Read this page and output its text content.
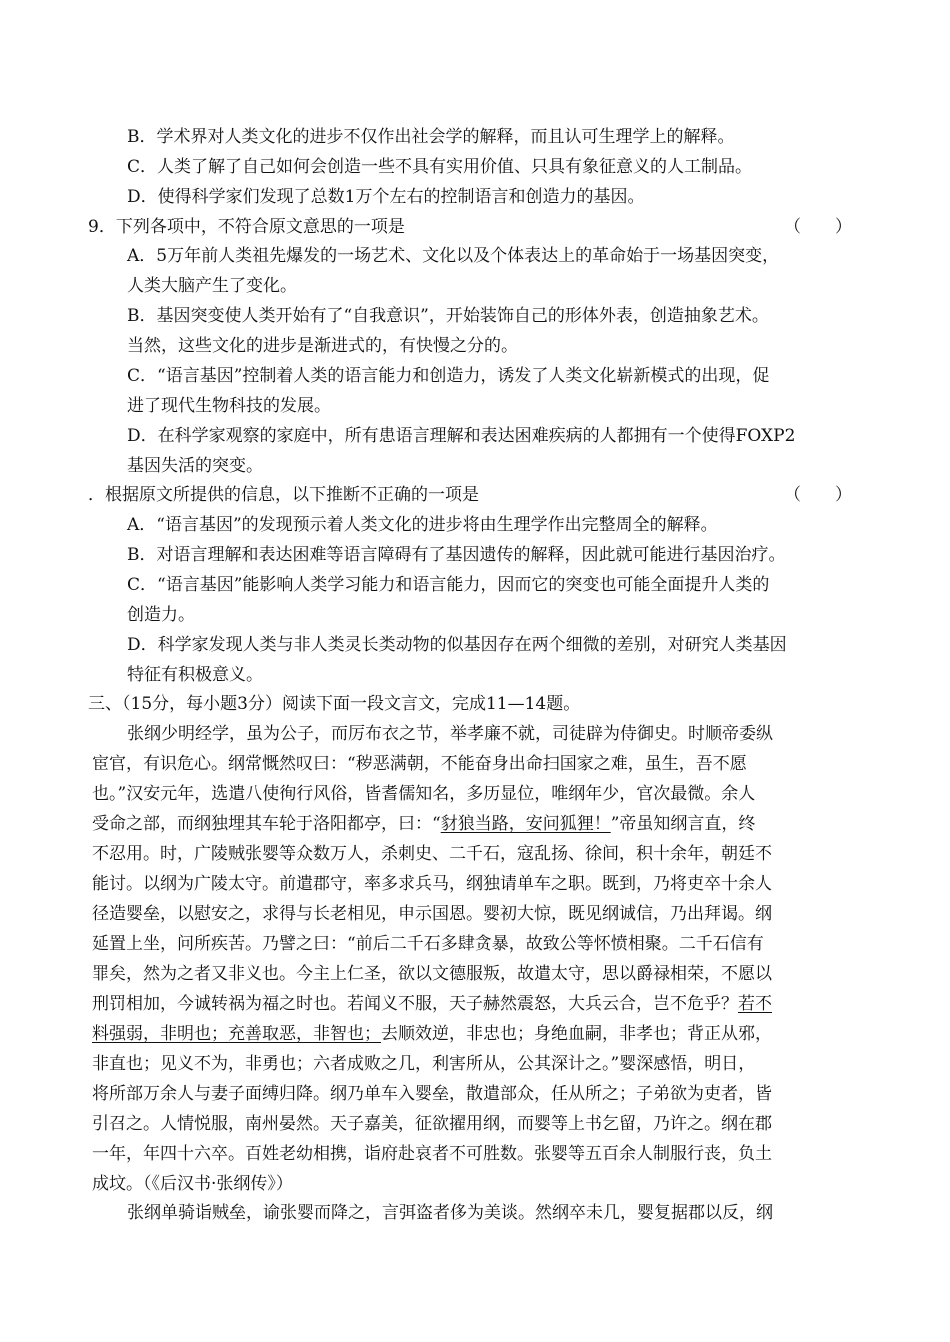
B．学术界对人类文化的进步不仅作出社会学的解释，而且认可生理学上的解释。
C．人类了解了自己如何会创造一些不具有实用价值、只具有象征意义的人工制品。
D．使得科学家们发现了总数1万个左右的控制语言和创造力的基因。
9．下列各项中，不符合原文意思的一项是	（　　）
A．5万年前人类祖先爆发的一场艺术、文化以及个体表达上的革命始于一场基因突变，
人类大脑产生了变化。
B．基因突变使人类开始有了“自我意识”，开始装饰自己的形体外表，创造抽象艺术。
当然，这些文化的进步是渐进式的，有快慢之分的。
C．“语言基因”控制着人类的语言能力和创造力，诱发了人类文化崭新模式的出现，促
进了现代生物科技的发展。
D．在科学家观察的家庭中，所有患语言理解和表达困难疾病的人都拥有一个使得FOXP2
基因失活的突变。
．根据原文所提供的信息，以下推断不正确的一项是	（　　）
A．“语言基因”的发现预示着人类文化的进步将由生理学作出完整周全的解释。
B．对语言理解和表达困难等语言障碍有了基因遗传的解释，因此就可能进行基因治疗。
C．“语言基因”能影响人类学习能力和语言能力，因而它的突变也可能全面提升人类的
创造力。
D．科学家发现人类与非人类灵长类动物的似基因存在两个细微的差别，对研究人类基因
特征有积极意义。
三、（15分，每小题3分）阅读下面一段文言文，完成11—14题。
张纲少明经学，虽为公子，而厉布衣之节，举孝廉不就，司徒辟为侍御史。时顺帝委纵
宦官，有识危心。纲常慨然叹曰：“秽恶满朝，不能奋身出命扫国家之难，虽生，吾不愿
也。”汉安元年，选遣八使徇行风俗，皆耆儒知名，多历显位，唯纲年少，官次最微。余人
受命之部，而纲独埋其车轮于洛阳都亭，曰：“豺狼当路，安问狐狸！”帝虽知纲言直，终
不忍用。时，广陵贼张婴等众数万人，杀刺史、二千石，寇乱扬、徐间，积十余年，朝廷不
能讨。以纲为广陵太守。前遣郡守，率多求兵马，纲独请单车之职。既到，乃将吏卒十余人
径造婴垒，以慰安之，求得与长老相见，申示国恩。婴初大惊，既见纲诚信，乃出拜谒。纲
延置上坐，问所疾苦。乃譬之曰：“前后二千石多肆贪暴，故致公等怀愤相聚。二千石信有
罪矣，然为之者又非义也。今主上仁圣，欲以文德服叛，故遣太守，思以爵禄相荣，不愿以
刑罚相加，今诚转祸为福之时也。若闻义不服，天子赫然震怒，大兵云合，岂不危乎？若不
料强弱，非明也；充善取恶，非智也；去顺效逆，非忠也；身绝血嗣，非孝也；背正从邪，
非直也；见义不为，非勇也；六者成败之几，利害所从，公其深计之。”婴深感悟，明日，
将所部万余人与妻子面缚归降。纲乃单车入婴垒，散遣部众，任从所之；子弟欲为吏者，皆
引召之。人情悦服，南州晏然。天子嘉美，征欲擢用纲，而婴等上书乞留，乃许之。纲在郡
一年，年四十六卒。百姓老幼相携，诣府赴哀者不可胜数。张婴等五百余人制服行丧，负土
成坟。（《后汉书·张纲传》）
张纲单骑诣贼垒，谕张婴而降之，言弭盗者侈为美谈。然纲卒未几，婴复据郡以反，纲
